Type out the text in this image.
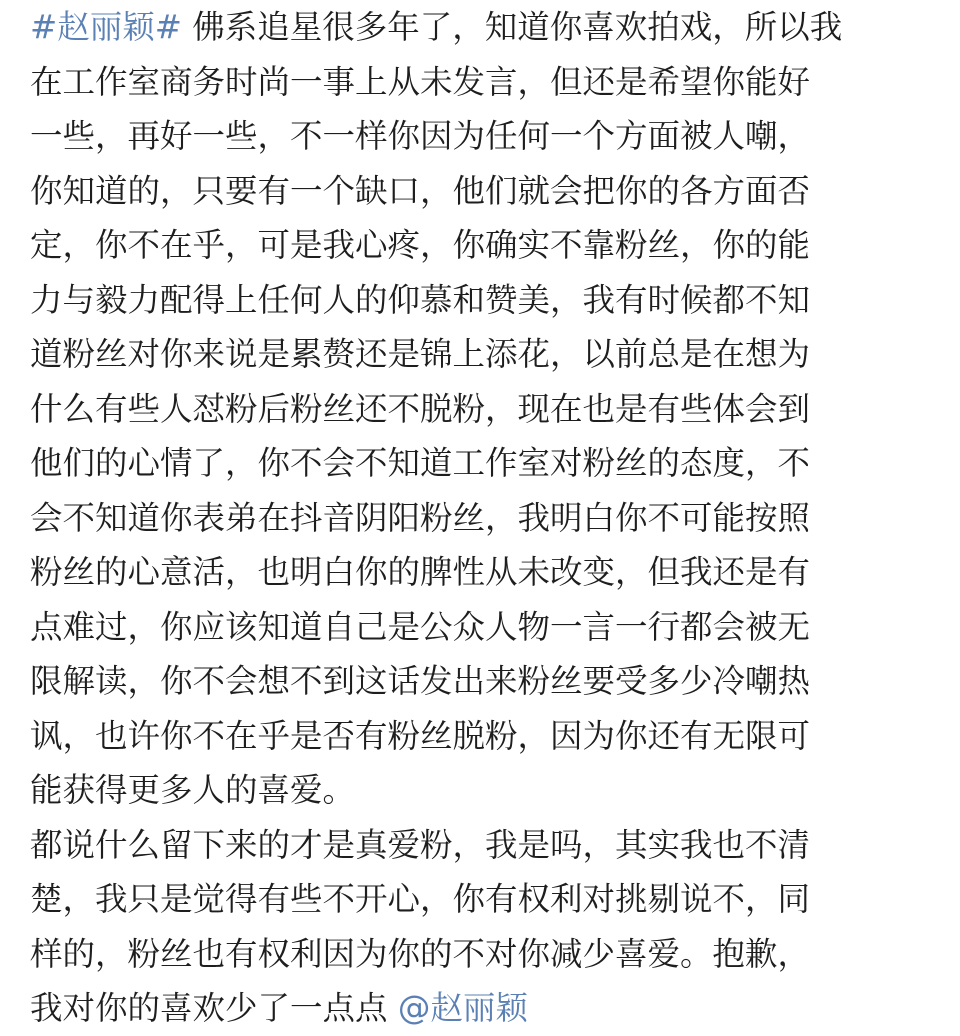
#赵丽颖# 佛系追星很多年了，知道你喜欢拍戏，所以我
在工作室商务时尚一事上从未发言，但还是希望你能好
一些，再好一些，不一样你因为任何一个方面被人嘲，
你知道的，只要有一个缺口，他们就会把你的各方面否
定，你不在乎，可是我心疼，你确实不靠粉丝，你的能
力与毅力配得上任何人的仰慕和赞美，我有时候都不知
道粉丝对你来说是累赘还是锦上添花，以前总是在想为
什么有些人怼粉后粉丝还不脱粉，现在也是有些体会到
他们的心情了，你不会不知道工作室对粉丝的态度，不
会不知道你表弟在抖音阴阳粉丝，我明白你不可能按照
粉丝的心意活，也明白你的脾性从未改变，但我还是有
点难过，你应该知道自己是公众人物一言一行都会被无
限解读，你不会想不到这话发出来粉丝要受多少冷嘲热
讽，也许你不在乎是否有粉丝脱粉，因为你还有无限可
能获得更多人的喜爱。

都说什么留下来的才是真爱粉，我是吗，其实我也不清
楚，我只是觉得有些不开心，你有权利对挑剔说不，同
样的，粉丝也有权利因为你的不对你减少喜爱。抱歉，
我对你的喜欢少了一点点 @赵丽颖
